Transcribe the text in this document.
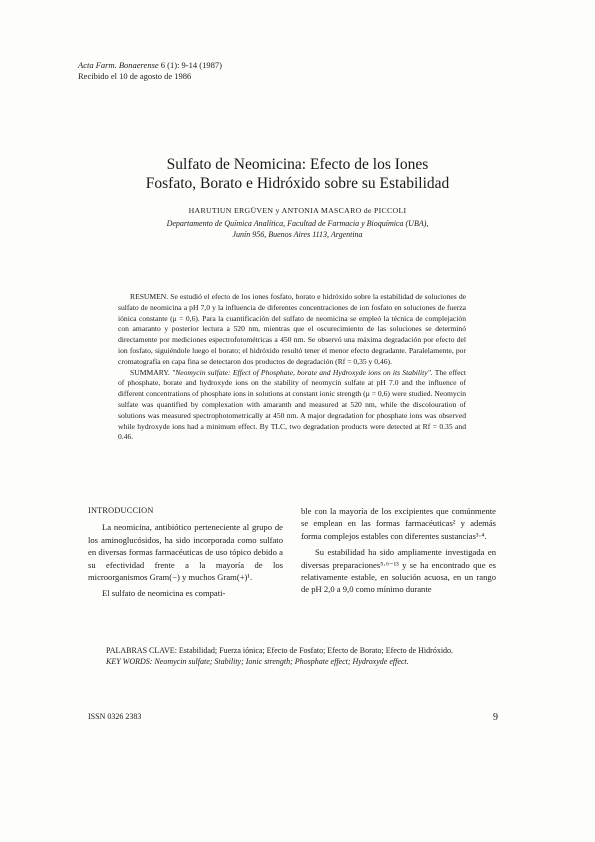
Acta Farm. Bonaerense 6 (1): 9-14 (1987)
Recibido el 10 de agosto de 1986
Sulfato de Neomicina: Efecto de los Iones
Fosfato, Borato e Hidróxido sobre su Estabilidad
HARUTIUN ERGÜVEN y ANTONIA MASCARO de PICCOLI
Departamento de Química Analítica, Facultad de Farmacia y Bioquímica (UBA),
Junín 956, Buenos Aires 1113, Argentina

RESUMEN. Se estudió el efecto de los iones fosfato, borato e hidróxido sobre la estabilidad de soluciones de sulfato de neomicina a pH 7,0 y la influencia de diferentes concentraciones de ion fosfato en soluciones de fuerza iónica constante (μ = 0,6). Para la cuantificación del sulfato de neomicina se empleó la técnica de complejación con amaranto y posterior lectura a 520 nm, mientras que el oscurecimiento de las soluciones se determinó directamente por mediciones espectrofotométricas a 450 nm. Se observó una máxima degradación por efecto del ion fosfato, siguiéndole luego el borato; el hidróxido resultó tener el menor efecto degradante. Paralelamente, por cromatografía en capa fina se detectaron dos productos de degradación (Rf = 0,35 y 0,46).

SUMMARY. "Neomycin sulfate: Effect of Phosphate, borate and Hydroxyde ions on its Stability". The effect of phosphate, borate and hydroxyde ions on the stability of neomycin sulfate at pH 7.0 and the influence of different concentrations of phosphate ions in solutions at constant ionic strength (μ = 0,6) were studied. Neomycin sulfate was quantified by complexation with amaranth and measured at 520 nm, while the discolouration of solutions was measured spectrophotometrically at 450 nm. A major degradation for phosphate ions was observed while hydroxyde ions had a minimum effect. By TLC, two degradation products were detected at Rf = 0.35 and 0.46.

INTRODUCCION

La neomicina, antibiótico perteneciente al grupo de los aminoglucósidos, ha sido incorporada como sulfato en diversas formas farmacéuticas de uso tópico debido a su efectividad frente a la mayoría de los microorganismos Gram(−) y muchos Gram(+)¹.

El sulfato de neomicina es compati-

ble con la mayoría de los excipientes que comúnmente se emplean en las formas farmacéuticas² y además forma complejos estables con diferentes sustancias³·⁴.

Su estabilidad ha sido ampliamente investigada en diversas preparaciones⁵·⁶⁻¹³ y se ha encontrado que es relativamente estable, en solución acuosa, en un rango de pH 2,0 a 9,0 como mínimo durante

PALABRAS CLAVE: Estabilidad; Fuerza iónica; Efecto de Fosfato; Efecto de Borato; Efecto de Hidróxido.
KEY WORDS: Neomycin sulfate; Stability; Ionic strength; Phosphate effect; Hydroxyde effect.
ISSN 0326 2383	9
